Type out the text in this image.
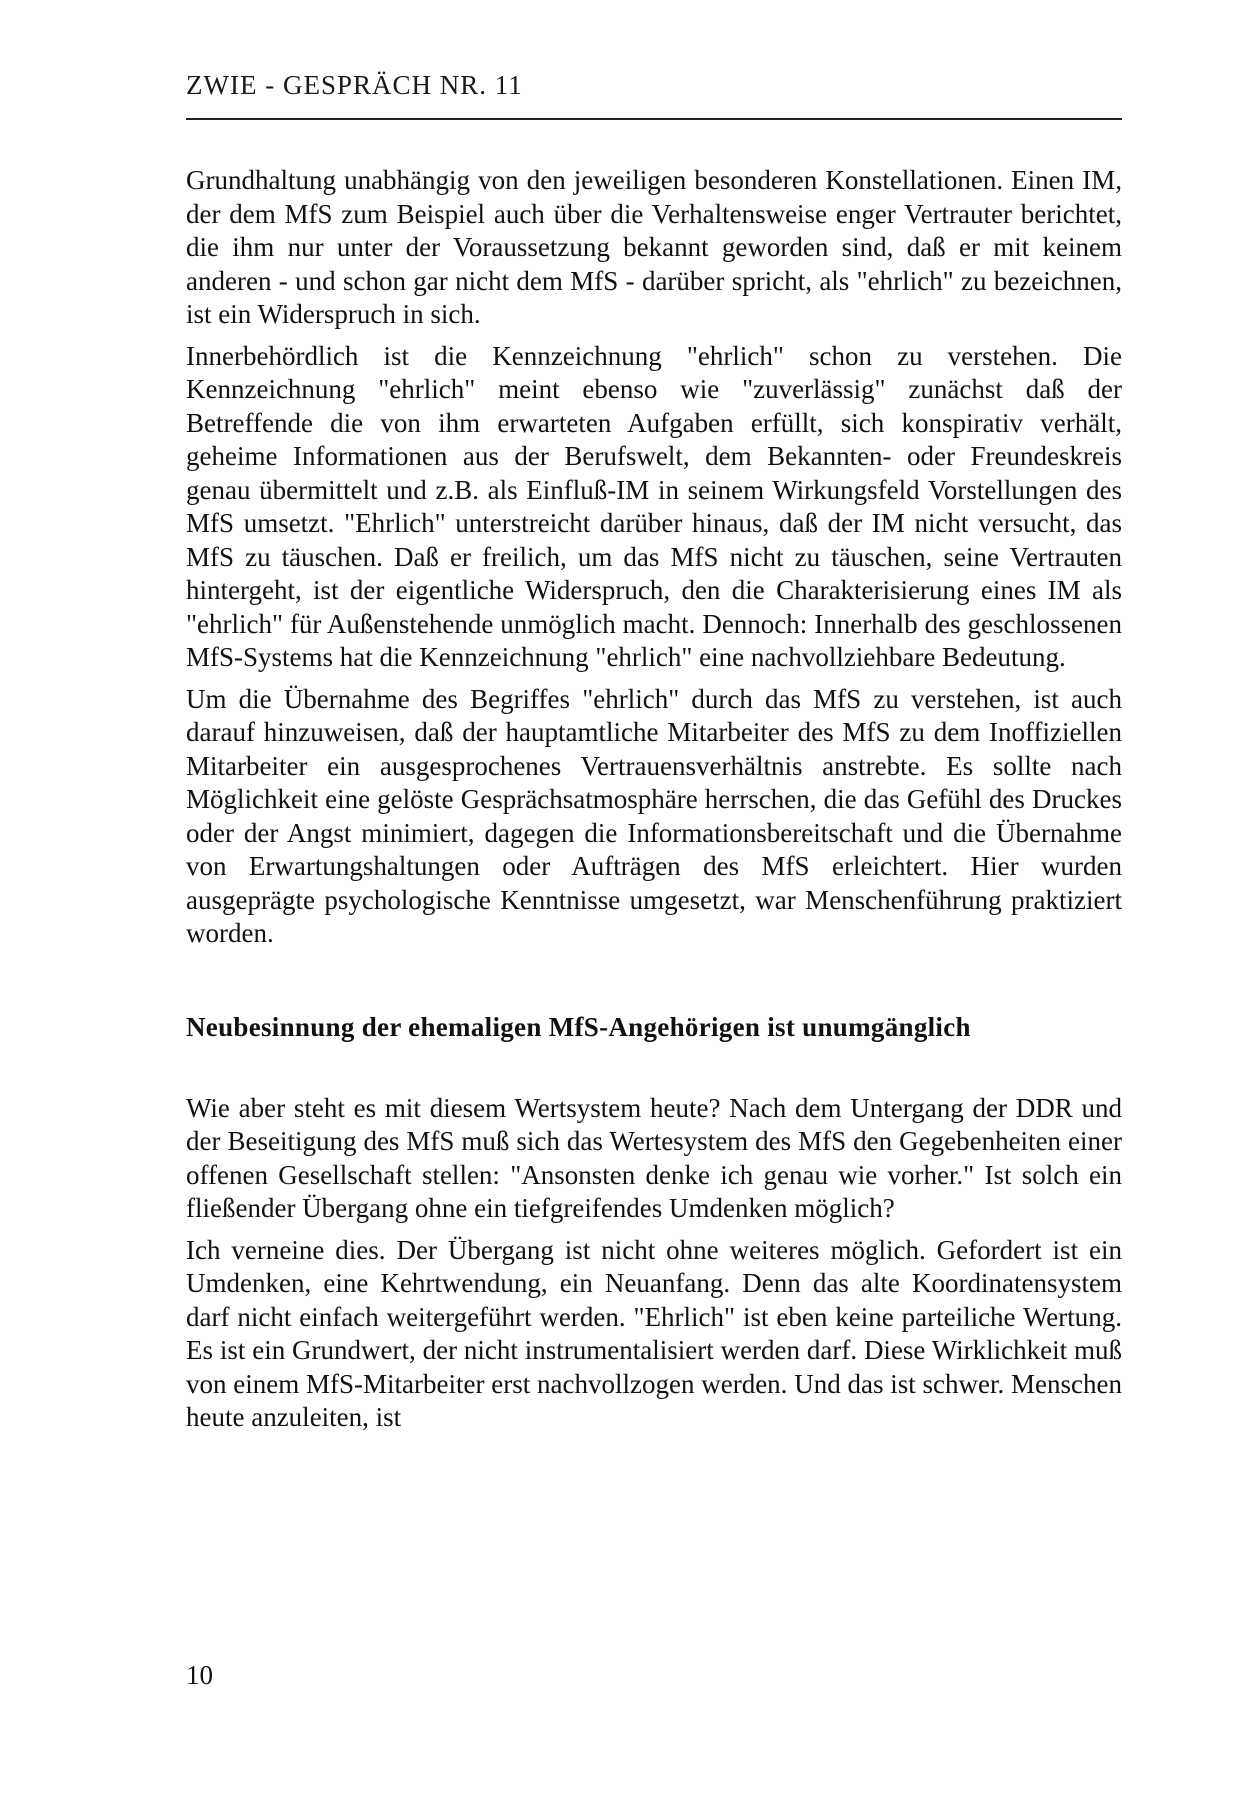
ZWIE - GESPRÄCH NR. 11

Grundhaltung unabhängig von den jeweiligen besonderen Konstellationen. Einen IM, der dem MfS zum Beispiel auch über die Verhaltensweise enger Vertrauter berichtet, die ihm nur unter der Voraussetzung bekannt geworden sind, daß er mit keinem anderen - und schon gar nicht dem MfS - darüber spricht, als "ehrlich" zu bezeichnen, ist ein Widerspruch in sich.

Innerbehördlich ist die Kennzeichnung "ehrlich" schon zu verstehen. Die Kennzeichnung "ehrlich" meint ebenso wie "zuverlässig" zunächst daß der Betreffende die von ihm erwarteten Aufgaben erfüllt, sich konspirativ verhält, geheime Informationen aus der Berufswelt, dem Bekannten- oder Freundeskreis genau übermittelt und z.B. als Einfluß-IM in seinem Wirkungsfeld Vorstellungen des MfS umsetzt. "Ehrlich" unterstreicht darüber hinaus, daß der IM nicht versucht, das MfS zu täuschen. Daß er freilich, um das MfS nicht zu täuschen, seine Vertrauten hintergeht, ist der eigentliche Widerspruch, den die Charakterisierung eines IM als "ehrlich" für Außenstehende unmöglich macht. Dennoch: Innerhalb des geschlossenen MfS-Systems hat die Kennzeichnung "ehrlich" eine nachvollziehbare Bedeutung.

Um die Übernahme des Begriffes "ehrlich" durch das MfS zu verstehen, ist auch darauf hinzuweisen, daß der hauptamtliche Mitarbeiter des MfS zu dem Inoffiziellen Mitarbeiter ein ausgesprochenes Vertrauensverhältnis anstrebte. Es sollte nach Möglichkeit eine gelöste Gesprächsatmosphäre herrschen, die das Gefühl des Druckes oder der Angst minimiert, dagegen die Informationsbereitschaft und die Übernahme von Erwartungshaltungen oder Aufträgen des MfS erleichtert. Hier wurden ausgeprägte psychologische Kenntnisse umgesetzt, war Menschenführung praktiziert worden.

Neubesinnung der ehemaligen MfS-Angehörigen ist unumgänglich

Wie aber steht es mit diesem Wertsystem heute? Nach dem Untergang der DDR und der Beseitigung des MfS muß sich das Wertesystem des MfS den Gegebenheiten einer offenen Gesellschaft stellen: "Ansonsten denke ich genau wie vorher." Ist solch ein fließender Übergang ohne ein tiefgreifendes Umdenken möglich?

Ich verneine dies. Der Übergang ist nicht ohne weiteres möglich. Gefordert ist ein Umdenken, eine Kehrtwendung, ein Neuanfang. Denn das alte Koordinatensystem darf nicht einfach weitergeführt werden. "Ehrlich" ist eben keine parteiliche Wertung. Es ist ein Grundwert, der nicht instrumentalisiert werden darf. Diese Wirklichkeit muß von einem MfS-Mitarbeiter erst nachvollzogen werden. Und das ist schwer. Menschen heute anzuleiten, ist

10
